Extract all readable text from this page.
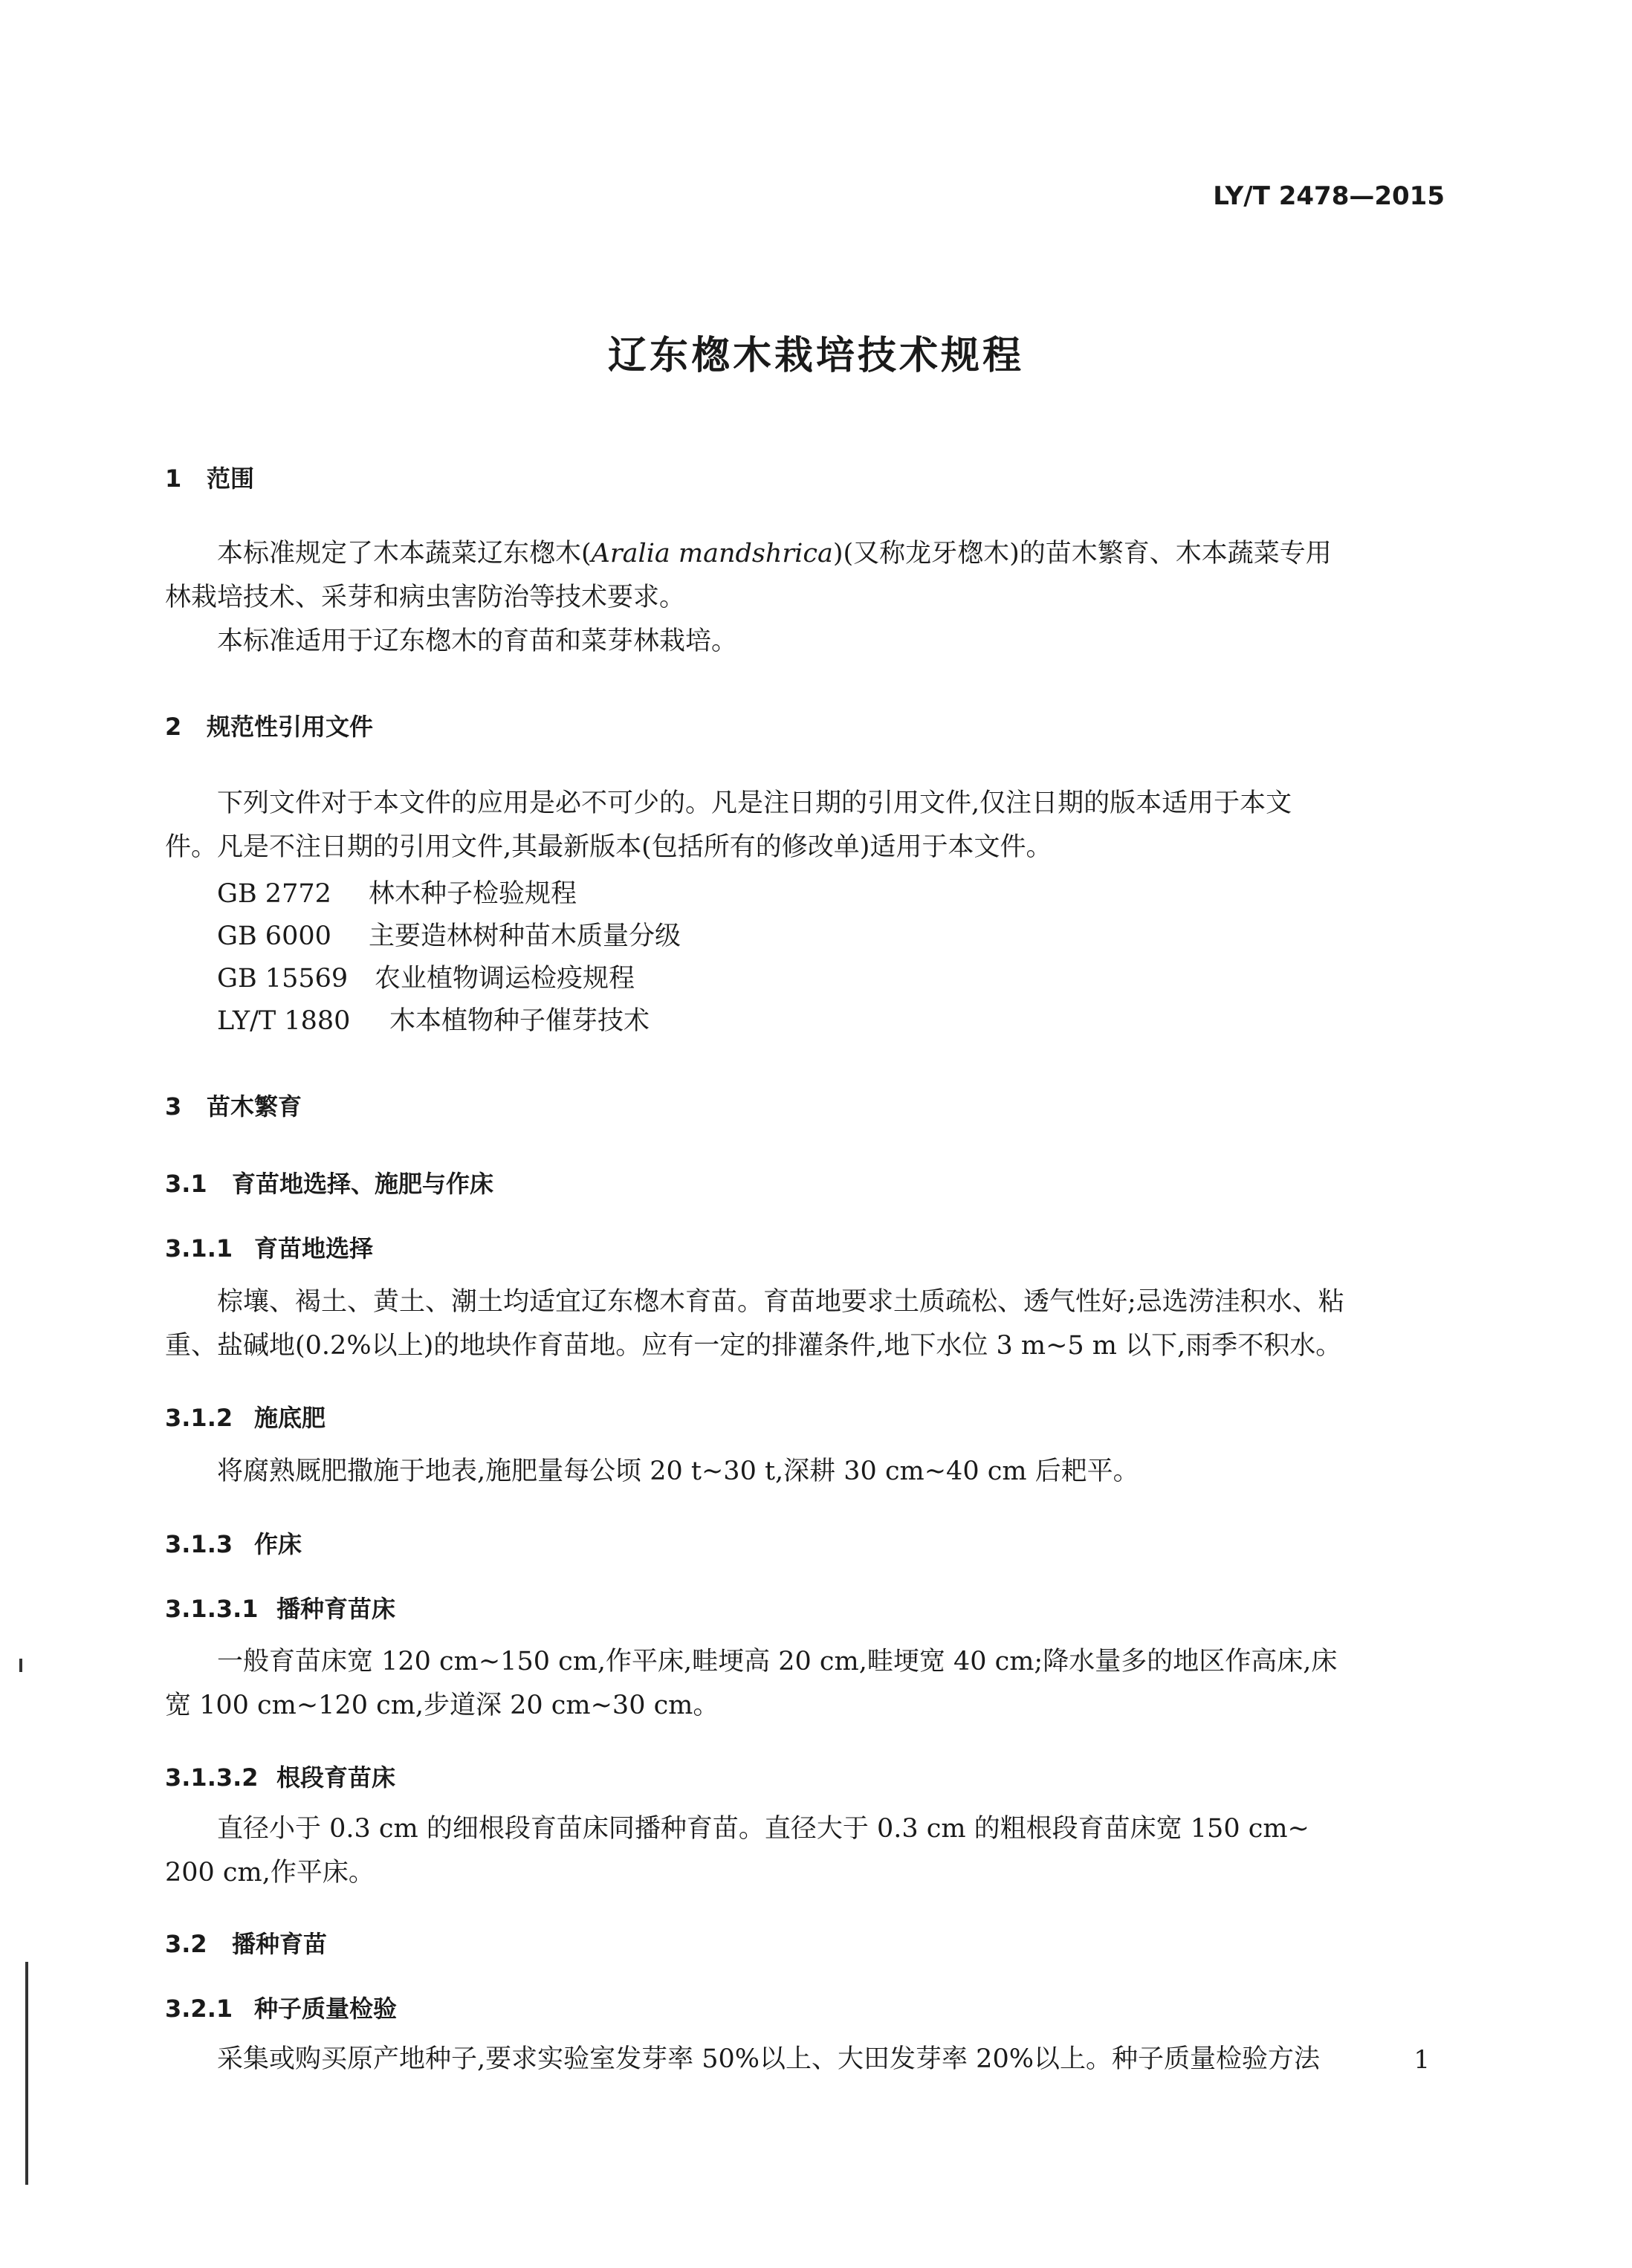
LY/T 2478—2015
辽东楤木栽培技术规程
1 范围
本标准规定了木本蔬菜辽东楤木(Aralia mandshrica)(又称龙牙楤木)的苗木繁育、木本蔬菜专用
林栽培技术、采芽和病虫害防治等技术要求。
本标准适用于辽东楤木的育苗和菜芽林栽培。
2 规范性引用文件
下列文件对于本文件的应用是必不可少的。凡是注日期的引用文件,仅注日期的版本适用于本文
件。凡是不注日期的引用文件,其最新版本(包括所有的修改单)适用于本文件。
GB 2772 林木种子检验规程
GB 6000 主要造林树种苗木质量分级
GB 15569 农业植物调运检疫规程
LY/T 1880 木本植物种子催芽技术
3 苗木繁育
3.1 育苗地选择、施肥与作床
3.1.1 育苗地选择
棕壤、褐土、黄土、潮土均适宜辽东楤木育苗。育苗地要求土质疏松、透气性好;忌选涝洼积水、粘
重、盐碱地(0.2%以上)的地块作育苗地。应有一定的排灌条件,地下水位 3 m~5 m 以下,雨季不积水。
3.1.2 施底肥
将腐熟厩肥撒施于地表,施肥量每公顷 20 t~30 t,深耕 30 cm~40 cm 后耙平。
3.1.3 作床
3.1.3.1 播种育苗床
一般育苗床宽 120 cm~150 cm,作平床,畦埂高 20 cm,畦埂宽 40 cm;降水量多的地区作高床,床
宽 100 cm~120 cm,步道深 20 cm~30 cm。
3.1.3.2 根段育苗床
直径小于 0.3 cm 的细根段育苗床同播种育苗。直径大于 0.3 cm 的粗根段育苗床宽 150 cm~
200 cm,作平床。
3.2 播种育苗
3.2.1 种子质量检验
采集或购买原产地种子,要求实验室发芽率 50%以上、大田发芽率 20%以上。种子质量检验方法	1
